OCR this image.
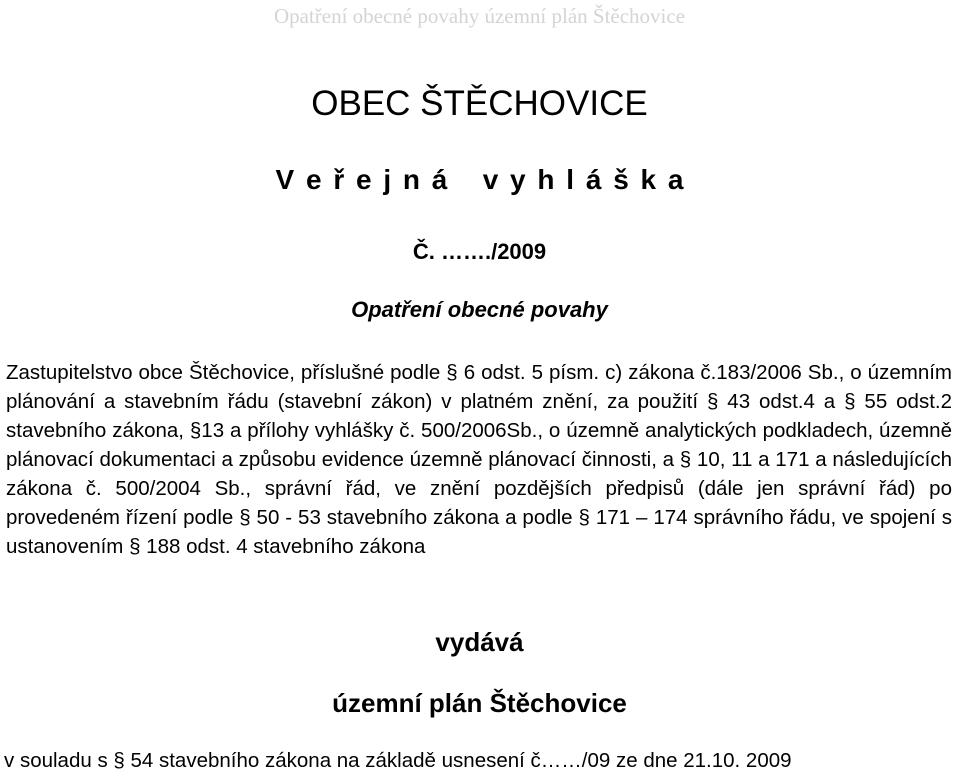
Opatření obecné povahy územní plán Štěchovice
OBEC ŠTĚCHOVICE
V e ř e j n á   v y h l á š k a
Č. ……./2009
Opatření obecné povahy
Zastupitelstvo obce Štěchovice, příslušné podle § 6 odst. 5 písm. c) zákona č.183/2006 Sb., o územním plánování a stavebním řádu (stavební zákon) v platném znění, za použití § 43 odst.4 a § 55 odst.2 stavebního zákona, §13 a přílohy vyhlášky č. 500/2006Sb., o územně analytických podkladech, územně plánovací dokumentaci a způsobu evidence územně plánovací činnosti, a § 10, 11 a 171 a následujících zákona č. 500/2004 Sb., správní řád, ve znění pozdějších předpisů (dále jen správní řád) po provedeném řízení podle § 50 - 53 stavebního zákona a podle § 171 – 174 správního řádu, ve spojení s ustanovením § 188 odst. 4 stavebního zákona
vydává
územní plán Štěchovice
v souladu s § 54 stavebního zákona na základě usnesení č……/09 ze dne 21.10. 2009
